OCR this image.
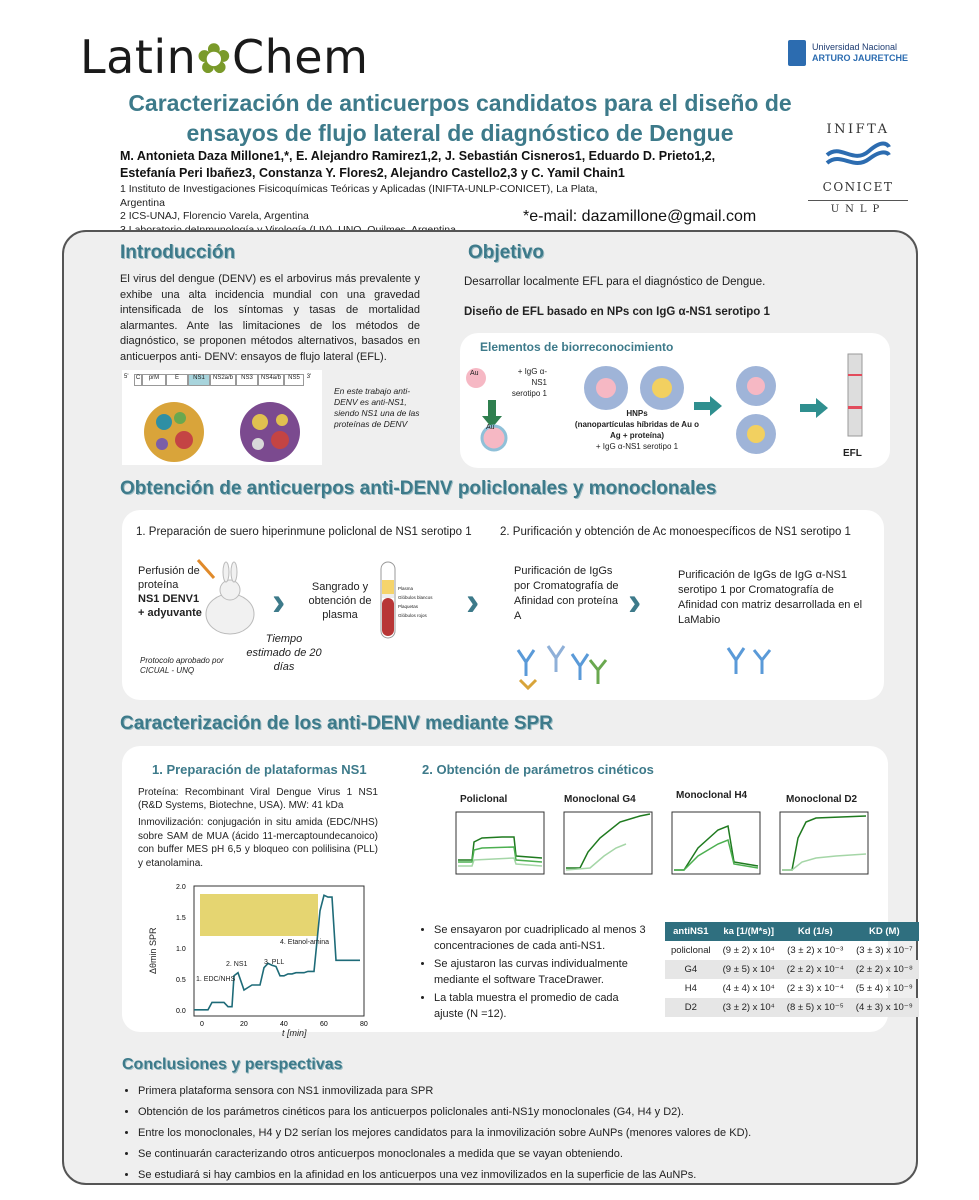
Latin✿Chem	Universidad Nacional
ARTURO JAURETCHE
Caracterización de anticuerpos candidatos para el diseño de ensayos de flujo lateral de diagnóstico de Dengue
M. Antonieta Daza Millone1,*, E. Alejandro Ramirez1,2, J. Sebastián Cisneros1, Eduardo D. Prieto1,2,
Estefanía Peri Ibañez3, Constanza Y. Flores2, Alejandro Castello2,3 y C. Yamil Chain1
1 Instituto de Investigaciones Fisicoquímicas Teóricas y Aplicadas (INIFTA-UNLP-CONICET), La Plata, Argentina
2 ICS-UNAJ, Florencio Varela, Argentina	*e-mail: dazamillone@gmail.com
INIFTA
CONICET
UNLP
Introducción
El virus del dengue (DENV) es el arbovirus más prevalente y exhibe una alta incidencia mundial con una gravedad intensificada de los síntomas y tasas de mortalidad alarmantes. Ante las limitaciones de los métodos de diagnóstico, se proponen métodos alternativos, basados en anticuerpos anti- DENV: ensayos de flujo lateral (EFL).
5'	C	prM	E	NS1	NS2a/b	NS3	NS4a/b	NS5	3'
En este trabajo anti-DENV es anti-NS1, siendo NS1 una de las proteínas de DENV
Objetivo
Desarrollar localmente EFL para el diagnóstico de Dengue.
Diseño de EFL basado en NPs con IgG α-NS1 serotipo 1
Elementos de biorreconocimiento
Au
Au
+ IgG α-NS1 serotipo 1
HNPs
(nanopartículas híbridas de Au o Ag + proteína)
+ IgG α-NS1 serotipo 1
EFL
Obtención de anticuerpos anti-DENV policlonales y monoclonales
1. Preparación de suero hiperinmune policlonal de NS1 serotipo 1 2. Purificación y obtención de Ac monoespecíficos de NS1 serotipo 1
Perfusión de proteína
NS1 DENV1 + adyuvante
Protocolo aprobado por CICUAL - UNQ
Sangrado y obtención de plasma
Tiempo estimado de 20 días
›	Plasma
Glóbulos blancos Plaquetas
Glóbulos rojos ›
Purificación de IgGs por Cromatografía de Afinidad con proteína A	›
Purificación de IgGs de IgG α-NS1 serotipo 1 por Cromatografía de Afinidad con matriz desarrollada en el LaMabio
Caracterización de los anti-DENV mediante SPR
1. Preparación de plataformas NS1
Proteína: Recombinant Viral Dengue Virus 1 NS1 (R&D Systems, Biotechne, USA). MW: 41 kDa
Inmovilización: conjugación in situ amida (EDC/NHS) sobre SAM de MUA (ácido 11-mercaptoundecanoico) con buffer MES pH 6,5 y bloqueo con polilisina (PLL) y etanolamina.
0	20	40	60	80
0.0
0.5
1.0
1.5
2.0
Δθmin SPR
t [min]
1. EDC/NHS
2. NS1 3. PLL
4. Etanol-amina
2. Obtención de parámetros cinéticos
Policlonal	Monoclonal G4	Monoclonal H4	Monoclonal D2
• Se ensayaron por cuadriplicado al menos 3 concentraciones de cada anti-NS1.
• Se ajustaron las curvas individualmente mediante el software TraceDrawer.
• La tabla muestra el promedio de cada ajuste (N =12).
antiNS1	ka [1/(M*s)]	Kd (1/s)	KD (M)
policlonal	(9 ± 2) x 10⁴	(3 ± 2) x 10⁻³	(3 ± 3) x 10⁻⁷
G4	(9 ± 5) x 10⁴	(2 ± 2) x 10⁻⁴	(2 ± 2) x 10⁻⁸
H4	(4 ± 4) x 10⁴	(2 ± 3) x 10⁻⁴	(5 ± 4) x 10⁻⁹
D2	(3 ± 2) x 10⁴	(8 ± 5) x 10⁻⁵	(4 ± 3) x 10⁻⁹
Conclusiones y perspectivas
• Primera plataforma sensora con NS1 inmovilizada para SPR
• Obtención de los parámetros cinéticos para los anticuerpos policlonales anti-NS1y monoclonales (G4, H4 y D2).
• Entre los monoclonales, H4 y D2 serían los mejores candidatos para la inmovilización sobre AuNPs (menores valores de KD).
• Se continuarán caracterizando otros anticuerpos monoclonales a medida que se vayan obteniendo.
• Se estudiará si hay cambios en la afinidad en los anticuerpos una vez inmovilizados en la superficie de las AuNPs.
